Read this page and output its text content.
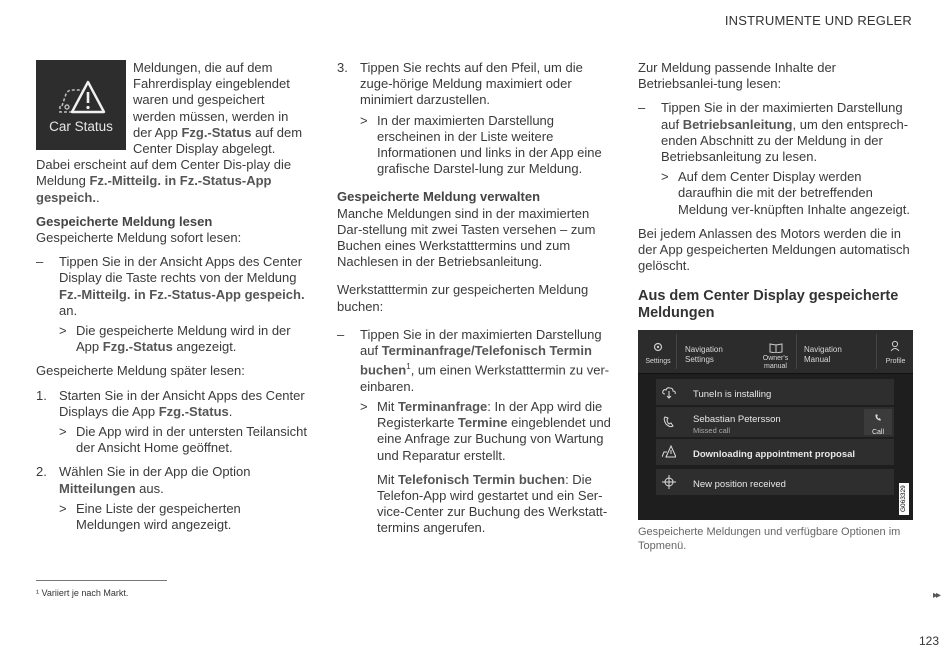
INSTRUMENTE UND REGLER
Car Status

Meldungen, die auf dem Fahrerdisplay eingeblendet waren und gespeichert werden müssen, werden in der App Fzg.-Status auf dem Center Display abgelegt. Dabei erscheint auf dem Center Dis-play die Meldung Fz.-Mitteilg. in Fz.-Status-App gespeich..

Gespeicherte Meldung lesen

Gespeicherte Meldung sofort lesen:

– Tippen Sie in der Ansicht Apps des Center Display die Taste rechts von der Meldung Fz.-Mitteilg. in Fz.-Status-App gespeich. an.
> Die gespeicherte Meldung wird in der App Fzg.-Status angezeigt.

Gespeicherte Meldung später lesen:

1. Starten Sie in der Ansicht Apps des Center Displays die App Fzg.-Status.
> Die App wird in der untersten Teilansicht der Ansicht Home geöffnet.
2. Wählen Sie in der App die Option Mitteilungen aus.
> Eine Liste der gespeicherten Meldungen wird angezeigt.
3. Tippen Sie rechts auf den Pfeil, um die zuge-hörige Meldung maximiert oder minimiert darzustellen.
> In der maximierten Darstellung erscheinen in der Liste weitere Informationen und links in der App eine grafische Darstel-lung zur Meldung.

Gespeicherte Meldung verwalten

Manche Meldungen sind in der maximierten Dar-stellung mit zwei Tasten versehen – zum Buchen eines Werkstatttermins und zum Nachlesen in der Betriebsanleitung.

Werkstatttermin zur gespeicherten Meldung buchen:

– Tippen Sie in der maximierten Darstellung auf Terminanfrage/Telefonisch Termin buchen$^1$, um einen Werkstatttermin zu ver-einbaren.
> Mit Terminanfrage: In der App wird die Registerkarte Termine eingeblendet und eine Anfrage zur Buchung von Wartung und Reparatur erstellt.

Mit Telefonisch Termin buchen: Die Telefon-App wird gestartet und ein Ser-vice-Center zur Buchung des Werkstatt-termins angerufen.

Zur Meldung passende Inhalte der Betriebsanlei-tung lesen:

– Tippen Sie in der maximierten Darstellung auf Betriebsanleitung, um den entsprech-enden Abschnitt zu der Meldung in der Betriebsanleitung zu lesen.
> Auf dem Center Display werden daraufhin die mit der betreffenden Meldung ver-knüpften Inhalte angezeigt.

Bei jedem Anlassen des Motors werden die in der App gespeicherten Meldungen automatisch gelöscht.

Aus dem Center Display gespeicherte Meldungen
Settings
Navigation
Settings	Owner's
manual
Navigation
Manual	Profile
TuneIn is installing
Sebastian Petersson
Missed call	Call
Downloading appointment proposal
New position received
G063329
Gespeicherte Meldungen und verfügbare Optionen im Topmenü.
¹ Variiert je nach Markt.	▸▸
123
